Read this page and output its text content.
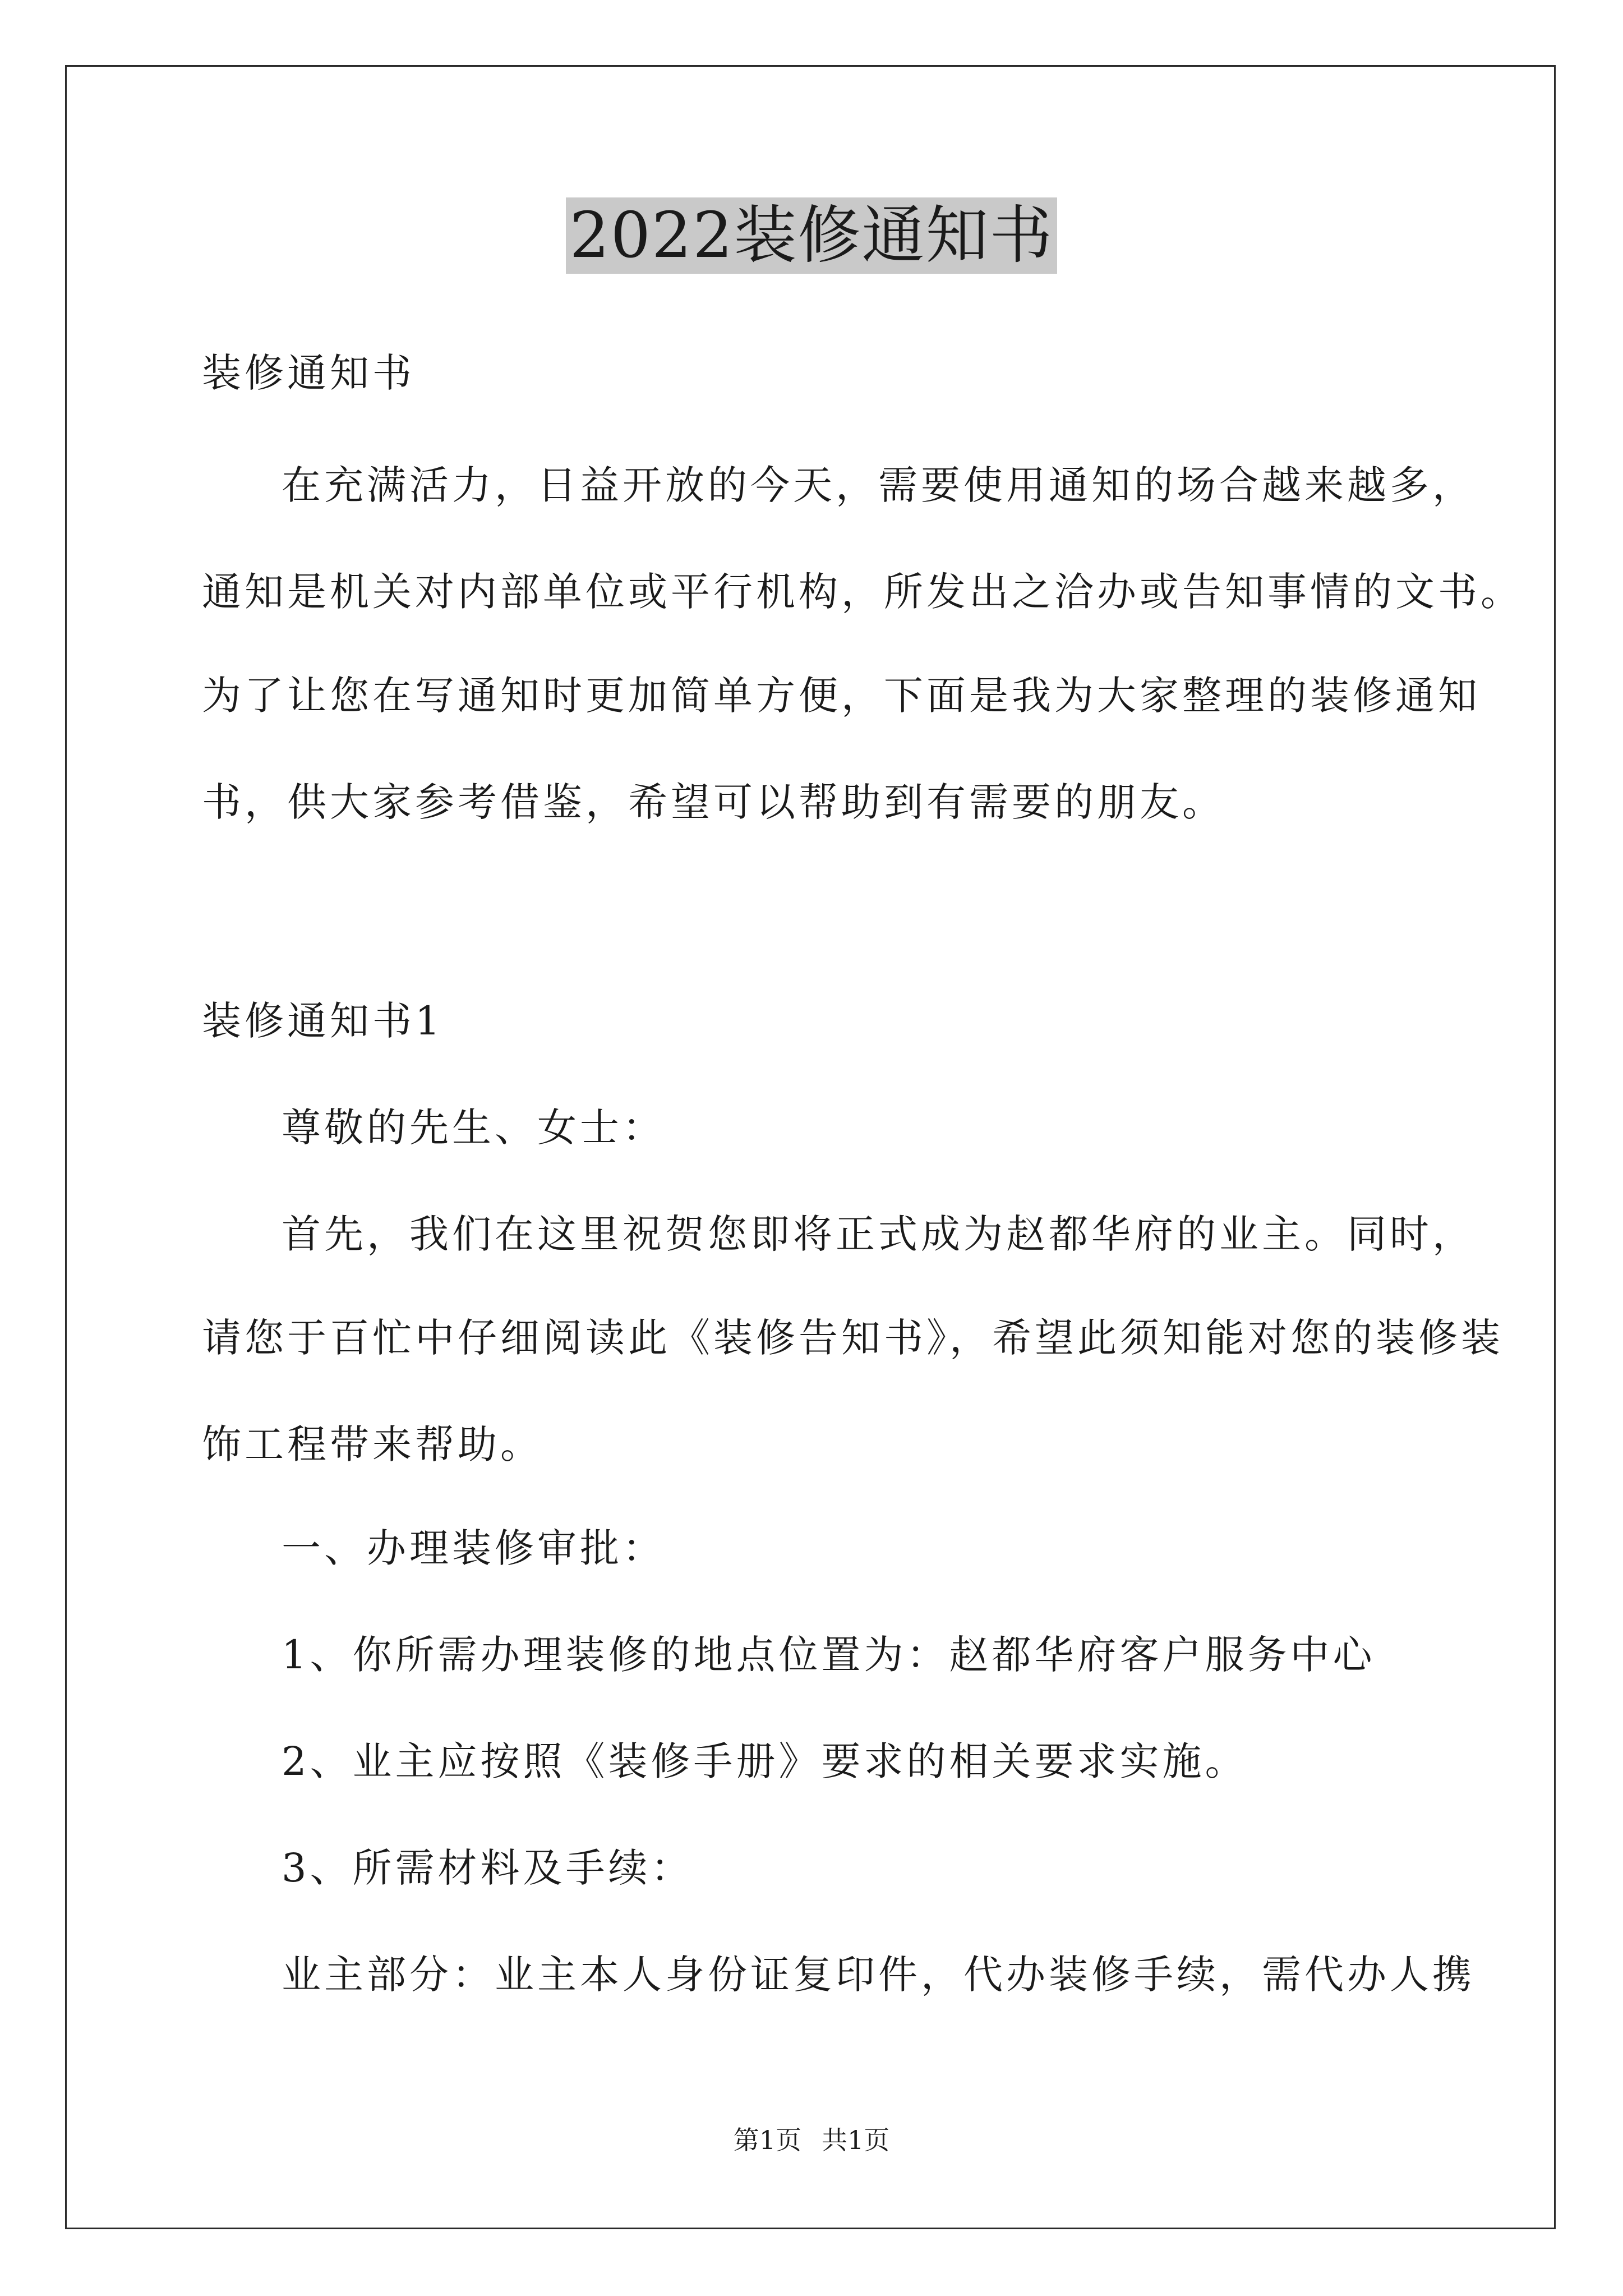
2022装修通知书
装修通知书
在充满活力，日益开放的今天，需要使用通知的场合越来越多，
通知是机关对内部单位或平行机构，所发出之洽办或告知事情的文书。
为了让您在写通知时更加简单方便，下面是我为大家整理的装修通知
书，供大家参考借鉴，希望可以帮助到有需要的朋友。
装修通知书1
尊敬的先生、女士：
首先，我们在这里祝贺您即将正式成为赵都华府的业主。同时，
请您于百忙中仔细阅读此《装修告知书》，希望此须知能对您的装修装
饰工程带来帮助。
一、办理装修审批：
1、你所需办理装修的地点位置为：赵都华府客户服务中心
2、业主应按照《装修手册》要求的相关要求实施。
3、所需材料及手续：
业主部分：业主本人身份证复印件，代办装修手续，需代办人携
第1页 共1页
